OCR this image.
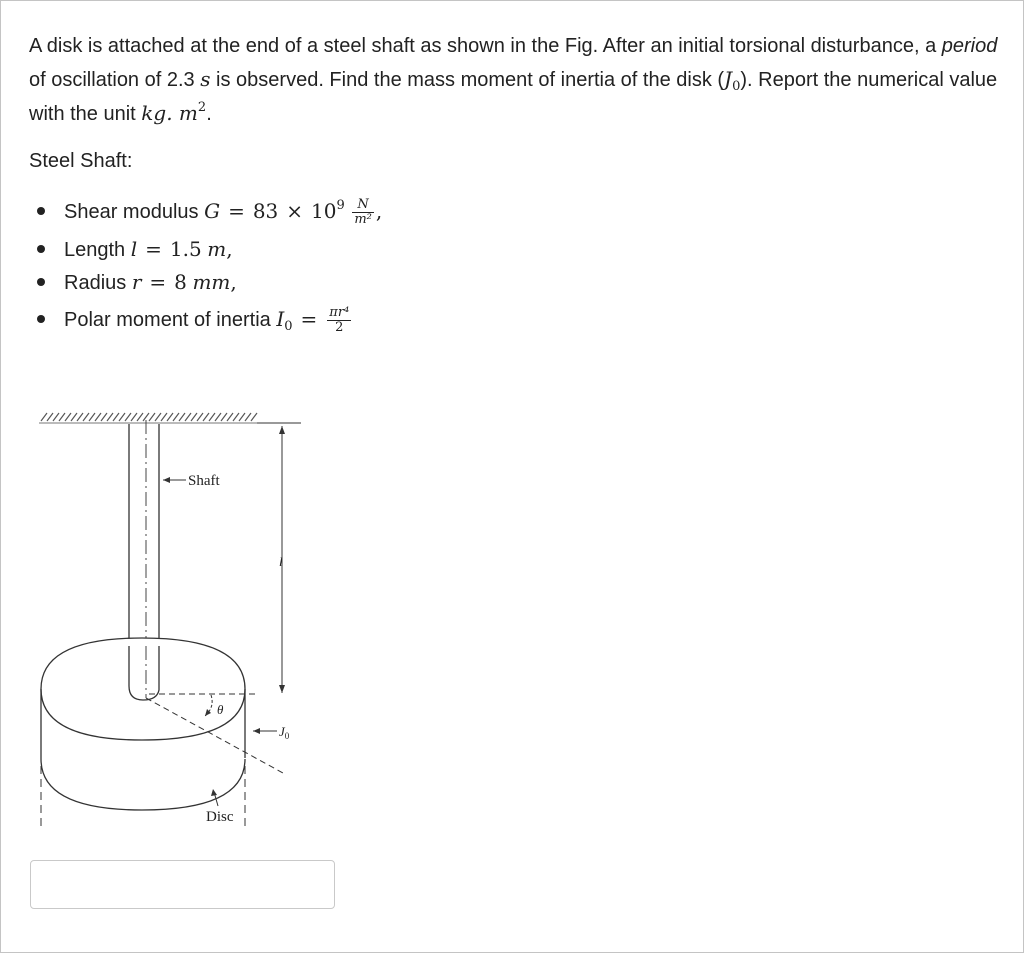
A disk is attached at the end of a steel shaft as shown in the Fig. After an initial torsional disturbance, a period of oscillation of 2.3 s is observed. Find the mass moment of inertia of the disk $(J_0)$. Report the numerical value with the unit kg. $m^2$.
Steel Shaft:
Shear modulus $G = 83 \times 10^9 \frac{N}{\text{m²}}$ ,
Length l = 1.5 m,
Radius r = 8 mm,
Polar moment of inertia $I_0 = \frac{\text{πr⁴}}{2}$
Shaft
l
θ
$J_0$
Disc
